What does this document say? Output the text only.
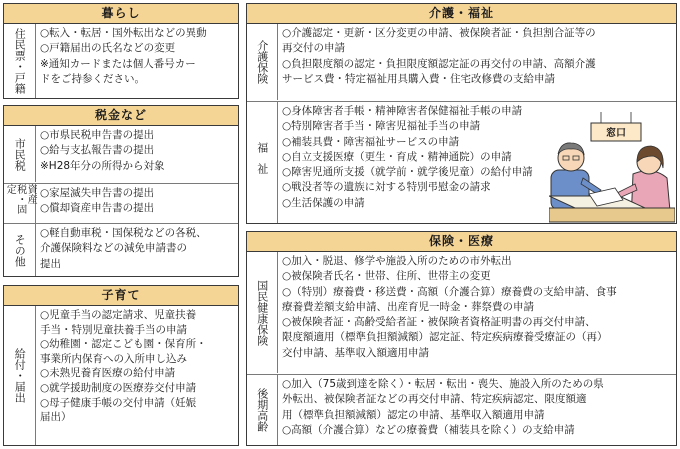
暮らし
住民票・戸籍 ○転入・転居・国外転出などの異動
○戸籍届出の氏名などの変更
※通知カードまたは個人番号カー
ドをご持参ください。
税金など
市民税
○市県民税申告書の提出
○給与支払報告書の提出
※H28年分の所得から対象
資産税・固定	○家屋滅失申告書の提出
○償却資産申告書の提出
その他
○軽自動車税・国保税などの各税、
介護保険料などの減免申請書の
提出
子育て
給付・届出
○児童手当の認定請求、児童扶養
手当・特別児童扶養手当の申請
○幼稚園・認定こども園・保育所・
事業所内保育への入所申し込み
○未熟児養育医療の給付申請
○就学援助制度の医療券交付申請
○母子健康手帳の交付申請（妊娠
届出）
介護・福祉
介護保険
○介護認定・更新・区分変更の申請、被保険者証・負担割合証等の
再交付の申請
○負担限度額の認定・負担限度額認定証の再交付の申請、高額介護
サービス費・特定福祉用具購入費・住宅改修費の支給申請
福祉
○身体障害者手帳・精神障害者保健福祉手帳の申請
○特別障害者手当・障害児福祉手当の申請
○補装具費・障害福祉サービスの申請
○自立支援医療（更生・育成・精神通院）の申請
○障害児通所支援（就学前・就学後児童）の給付申請
○戦没者等の遺族に対する特別弔慰金の請求
○生活保護の申請
窓口
保険・医療
国民健康保険
○加入・脱退、修学や施設入所のための市外転出
○被保険者氏名・世帯、住所、世帯主の変更
○（特別）療養費・移送費・高額（介護合算）療養費の支給申請、食事
療養費差額支給申請、出産育児一時金・葬祭費の申請
○被保険者証・高齢受給者証・被保険者資格証明書の再交付申請、
限度額適用（標準負担額減額）認定証、特定疾病療養受療証の（再）
交付申請、基準収入額適用申請
後期高齢
○加入（75歳到達を除く）・転居・転出・喪失、施設入所のための県
外転出、被保険者証などの再交付申請、特定疾病認定、限度額適
用（標準負担額減額）認定の申請、基準収入額適用申請
○高額（介護合算）などの療養費（補装具を除く）の支給申請
